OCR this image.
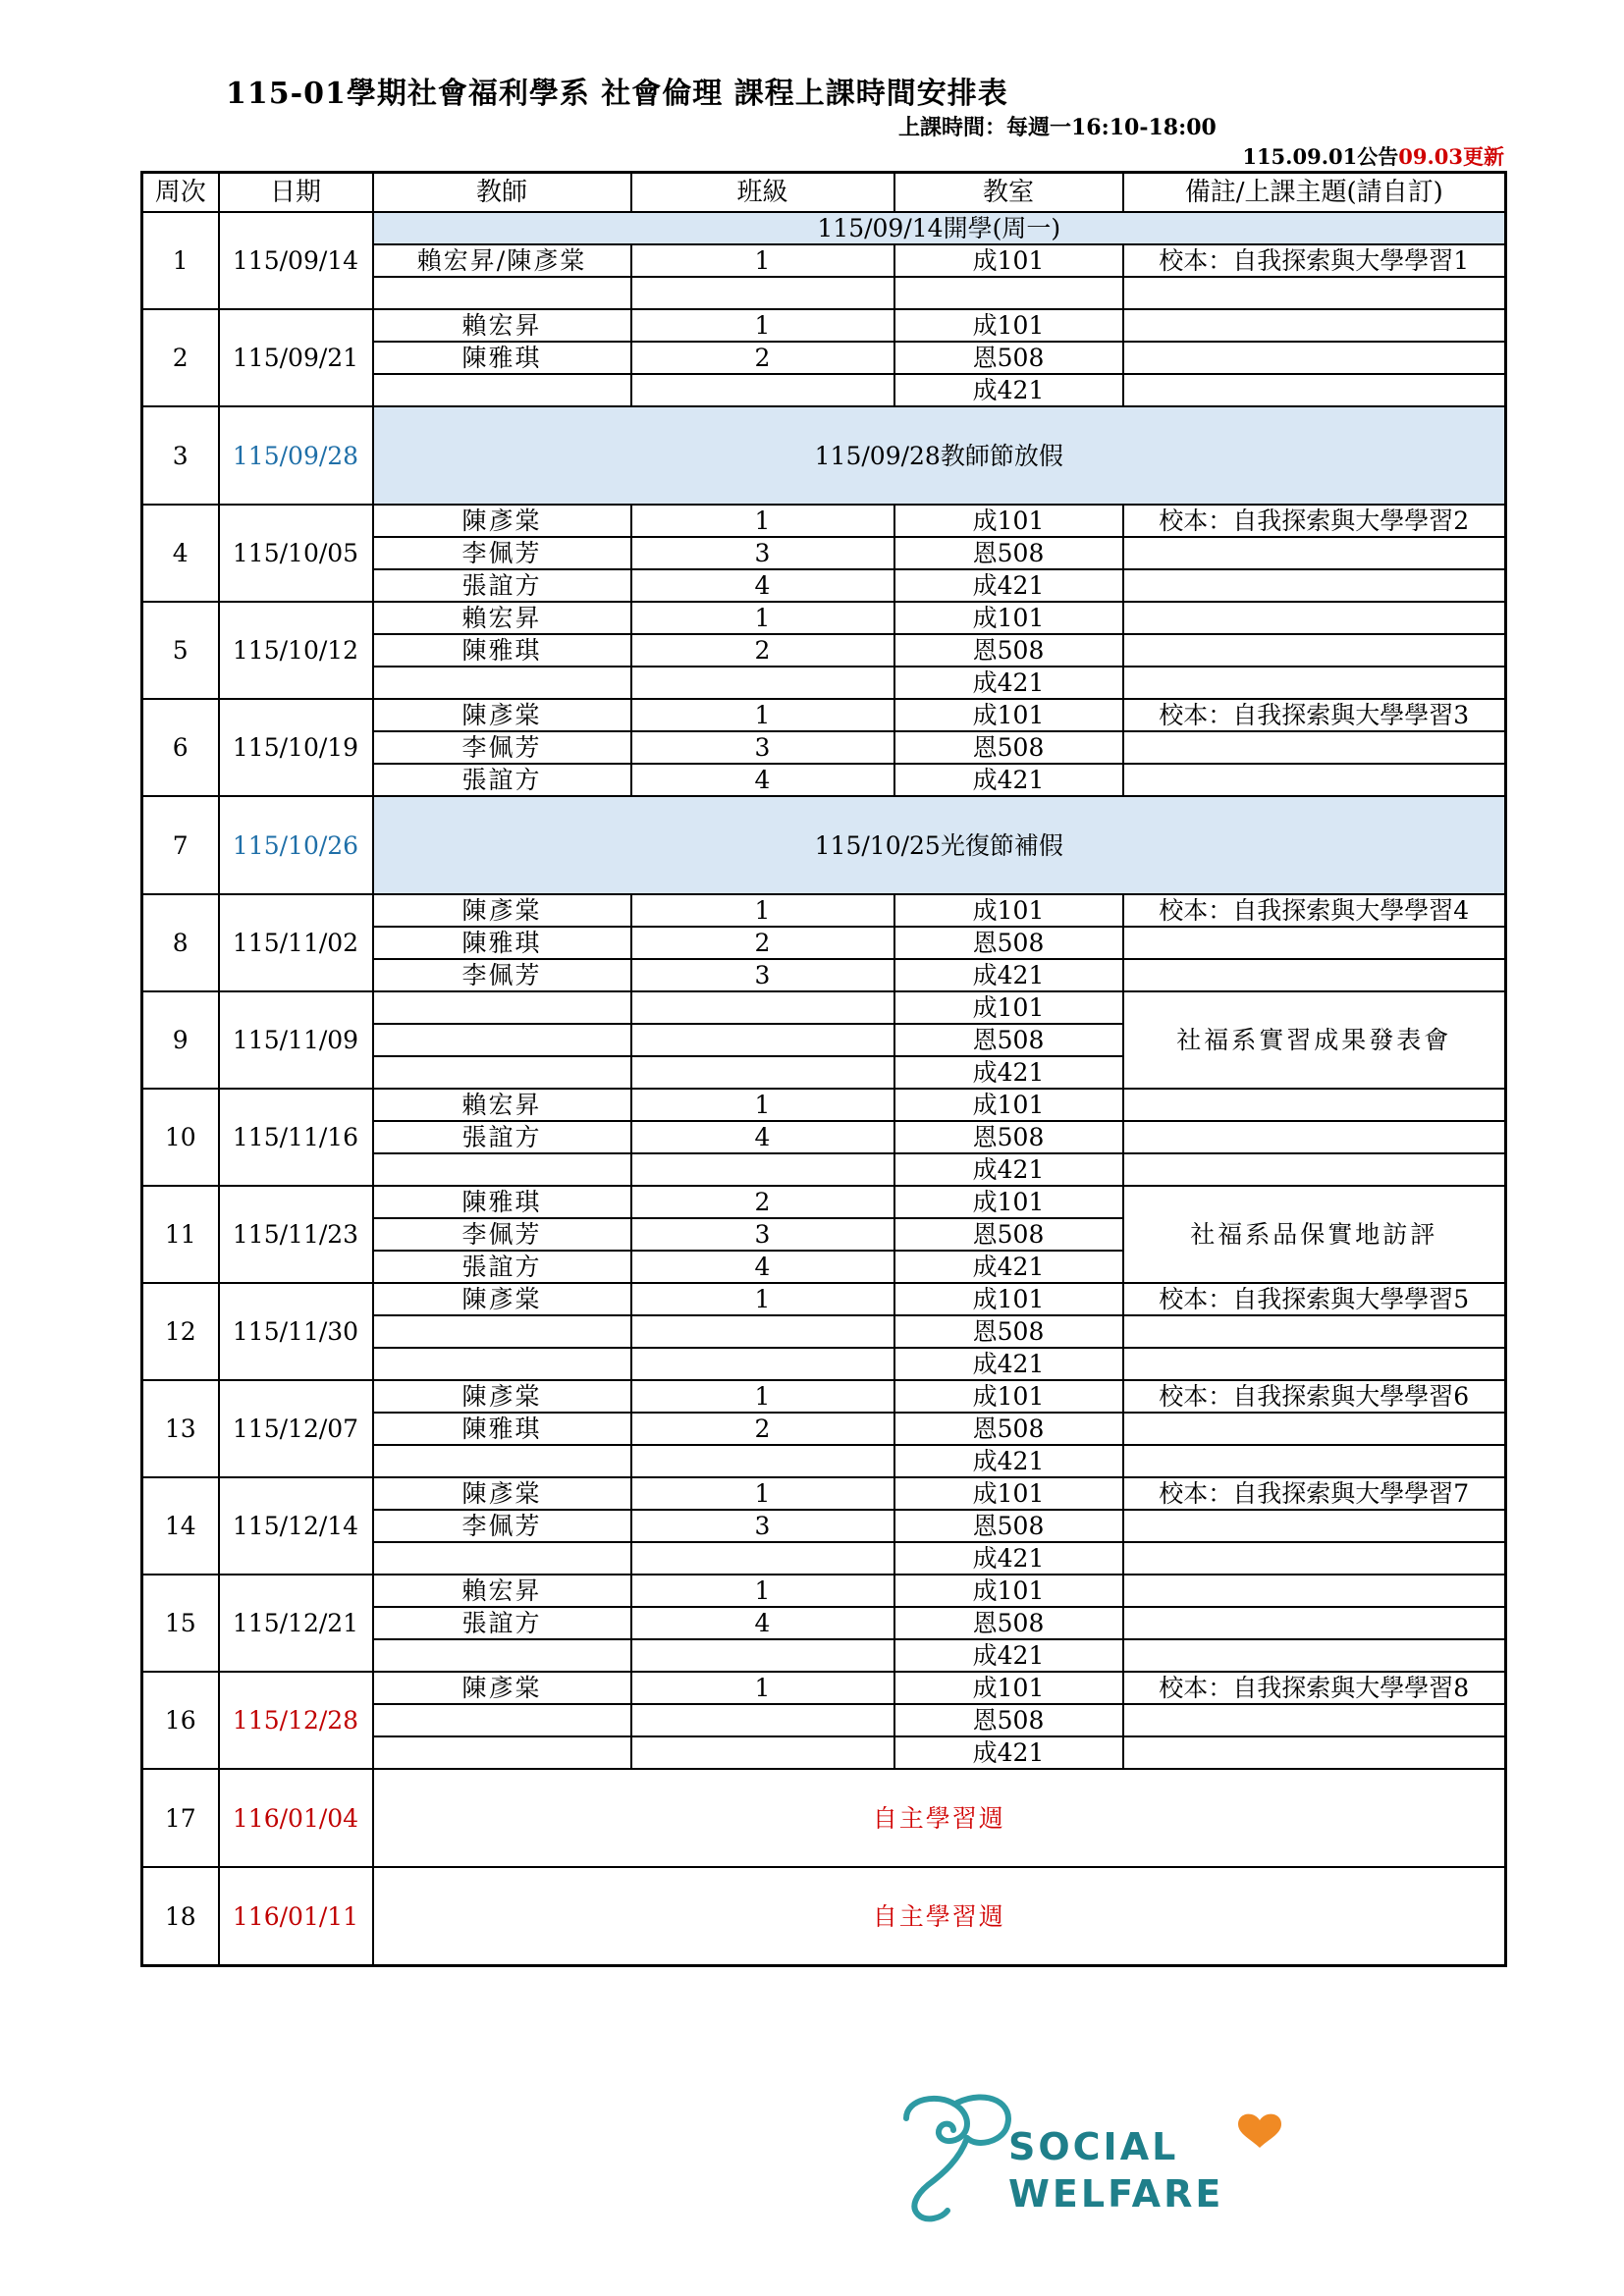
115-01學期社會福利學系 社會倫理 課程上課時間安排表
上課時間：每週一16:10-18:00
115.09.01公告09.03更新
周次	日期	教師	班級	教室	備註/上課主題(請自訂)
1	115/09/14	115/09/14開學(周一)			
		賴宏昇/陳彥棠	1	成101	校本：自我探索與大學學習1

2	115/09/21	賴宏昇	1	成101	
		陳雅琪	2	恩508	
				成421	
3	115/09/28	115/09/28教師節放假			
4	115/10/05	陳彥棠	1	成101	校本：自我探索與大學學習2
		李佩芳	3	恩508	
		張誼方	4	成421	
5	115/10/12	賴宏昇	1	成101	
		陳雅琪	2	恩508	
				成421	
6	115/10/19	陳彥棠	1	成101	校本：自我探索與大學學習3
		李佩芳	3	恩508	
		張誼方	4	成421	
7	115/10/26	115/10/25光復節補假			
8	115/11/02	陳彥棠	1	成101	校本：自我探索與大學學習4
		陳雅琪	2	恩508	
		李佩芳	3	成421	
9	115/11/09			成101	社福系實習成果發表會
				恩508	
				成421	
10	115/11/16	賴宏昇	1	成101	
		張誼方	4	恩508	
				成421	
11	115/11/23	陳雅琪	2	成101	社福系品保實地訪評
		李佩芳	3	恩508	
		張誼方	4	成421	
12	115/11/30	陳彥棠	1	成101	校本：自我探索與大學學習5
				恩508	
				成421	
13	115/12/07	陳彥棠	1	成101	校本：自我探索與大學學習6
		陳雅琪	2	恩508	
				成421	
14	115/12/14	陳彥棠	1	成101	校本：自我探索與大學學習7
		李佩芳	3	恩508	
				成421	
15	115/12/21	賴宏昇	1	成101	
		張誼方	4	恩508	
				成421	
16	115/12/28	陳彥棠	1	成101	校本：自我探索與大學學習8
				恩508	
				成421	
17	116/01/04	自主學習週			
18	116/01/11	自主學習週			
SOCIAL
WELFARE
